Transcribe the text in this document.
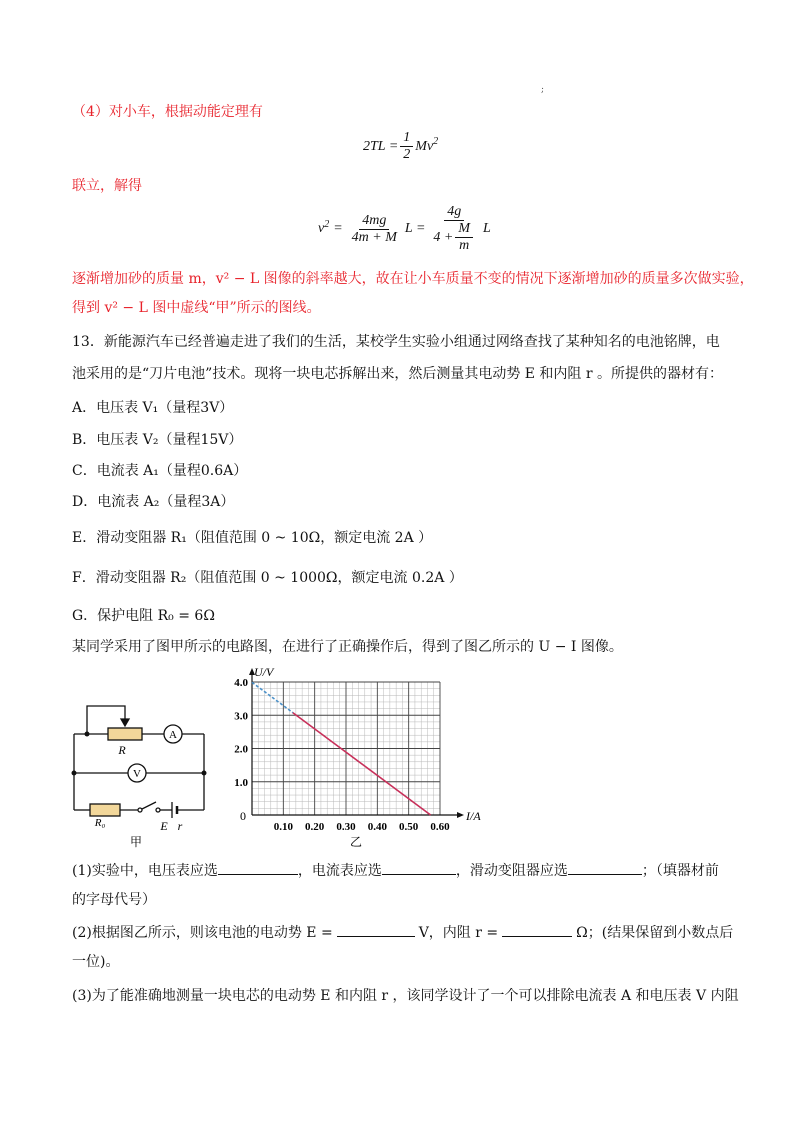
;
（4）对小车，根据动能定理有
$2TL = \frac{1}{2} Mv^2$
联立，解得
$v^2 = \frac{4mg}{4m + M}$ $L = \frac{4g}{4 + \frac{M}{m}}$ L
逐渐增加砂的质量 m，v² − L 图像的斜率越大，故在让小车质量不变的情况下逐渐增加砂的质量多次做实验，
得到 v² − L 图中虚线“甲”所示的图线。
13．新能源汽车已经普遍走进了我们的生活，某校学生实验小组通过网络查找了某种知名的电池铭牌，电
池采用的是“刀片电池”技术。现将一块电芯拆解出来，然后测量其电动势 E 和内阻 r 。所提供的器材有：
A．电压表 V₁（量程3V）
B．电压表 V₂（量程15V）
C．电流表 A₁（量程0.6A）
D．电流表 A₂（量程3A）
E．滑动变阻器 R₁（阻值范围 0 ~ 10Ω，额定电流 2A ）
F．滑动变阻器 R₂（阻值范围 0 ~ 1000Ω，额定电流 0.2A ）
G．保护电阻 R₀ = 6Ω
某同学采用了图甲所示的电路图，在进行了正确操作后，得到了图乙所示的 U − I 图像。
A
V
R
R₀	E r
甲
0.10 0.20 0.30 0.40 0.50 0.60
1.0
2.0
3.0
4.0
U/V
I/A
0
乙
(1)实验中，电压表应选	，电流表应选	，滑动变阻器应选	；（填器材前
的字母代号）
(2)根据图乙所示，则该电池的电动势 E =	V，内阻 r =	Ω；(结果保留到小数点后
一位)。
(3)为了能准确地测量一块电芯的电动势 E 和内阻 r ，该同学设计了一个可以排除电流表 A 和电压表 V 内阻
